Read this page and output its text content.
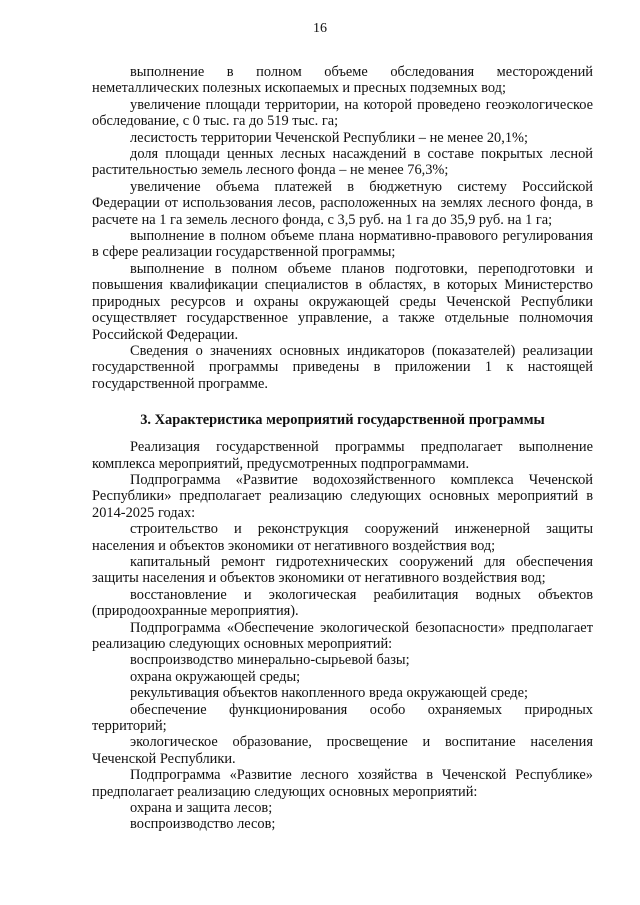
16

выполнение в полном объеме обследования месторождений неметаллических полезных ископаемых и пресных подземных вод;

увеличение площади территории, на которой проведено геоэкологическое обследование, с 0 тыс. га до 519 тыс. га;

лесистость территории Чеченской Республики – не менее 20,1%;

доля площади ценных лесных насаждений в составе покрытых лесной растительностью земель лесного фонда – не менее 76,3%;

увеличение объема платежей в бюджетную систему Российской Федерации от использования лесов, расположенных на землях лесного фонда, в расчете на 1 га земель лесного фонда, с 3,5 руб. на 1 га до 35,9 руб. на 1 га;

выполнение в полном объеме плана нормативно-правового регулирования в сфере реализации государственной программы;

выполнение в полном объеме планов подготовки, переподготовки и повышения квалификации специалистов в областях, в которых Министерство природных ресурсов и охраны окружающей среды Чеченской Республики осуществляет государственное управление, а также отдельные полномочия Российской Федерации.

Сведения о значениях основных индикаторов (показателей) реализации государственной программы приведены в приложении 1 к настоящей государственной программе.

3. Характеристика мероприятий государственной программы

Реализация государственной программы предполагает выполнение комплекса мероприятий, предусмотренных подпрограммами.

Подпрограмма «Развитие водохозяйственного комплекса Чеченской Республики» предполагает реализацию следующих основных мероприятий в 2014-2025 годах:

строительство и реконструкция сооружений инженерной защиты населения и объектов экономики от негативного воздействия вод;

капитальный ремонт гидротехнических сооружений для обеспечения защиты населения и объектов экономики от негативного воздействия вод;

восстановление и экологическая реабилитация водных объектов (природоохранные мероприятия).

Подпрограмма «Обеспечение экологической безопасности» предполагает реализацию следующих основных мероприятий:

воспроизводство минерально-сырьевой базы;

охрана окружающей среды;

рекультивация объектов накопленного вреда окружающей среде;

обеспечение функционирования особо охраняемых природных территорий;

экологическое образование, просвещение и воспитание населения Чеченской Республики.

Подпрограмма «Развитие лесного хозяйства в Чеченской Республике» предполагает реализацию следующих основных мероприятий:

охрана и защита лесов;

воспроизводство лесов;
